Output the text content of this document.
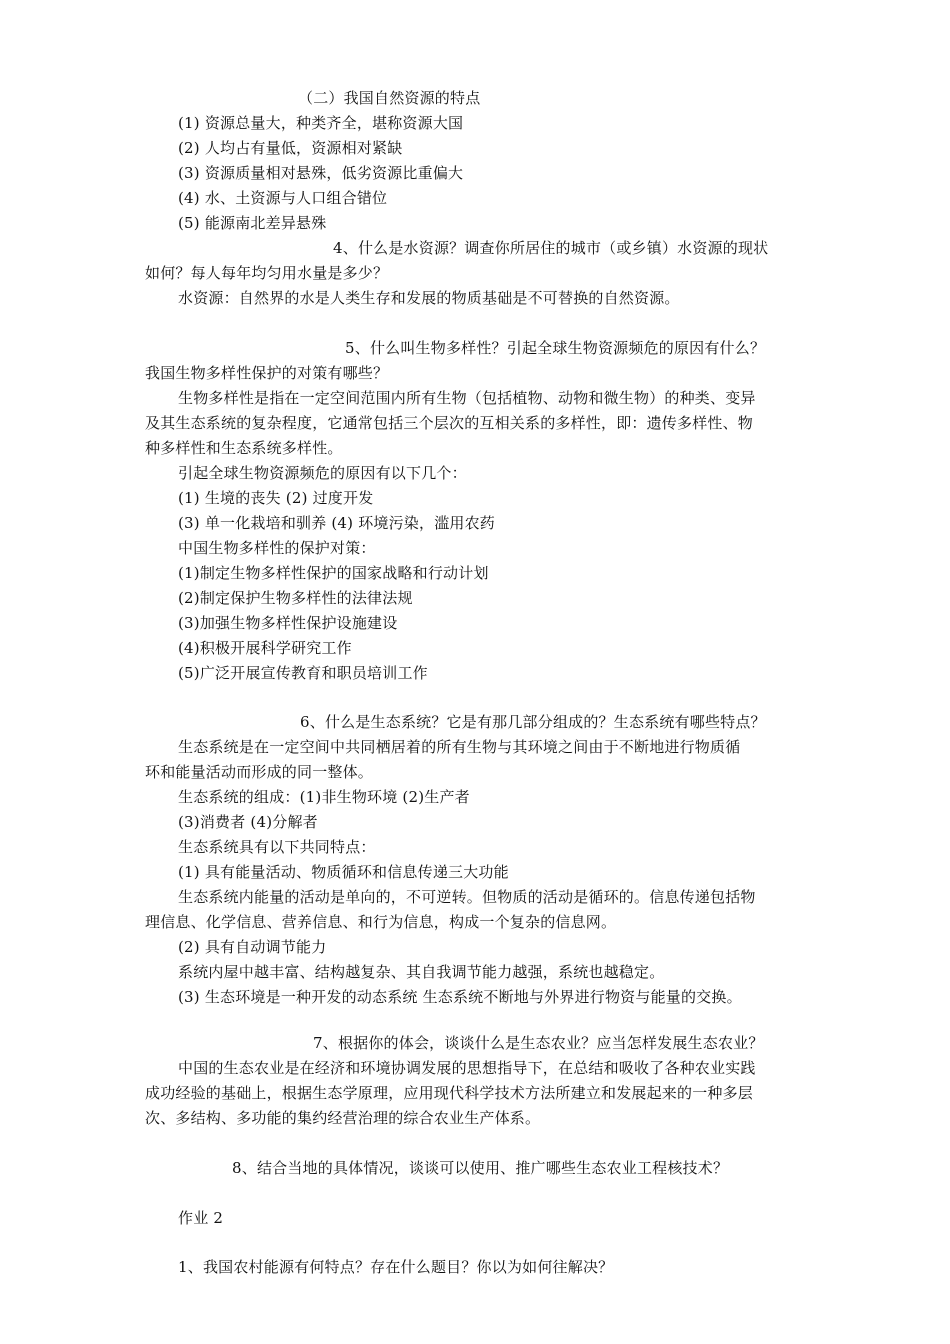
（二）我国自然资源的特点
(1) 资源总量大，种类齐全，堪称资源大国
(2) 人均占有量低，资源相对紧缺
(3) 资源质量相对悬殊，低劣资源比重偏大
(4) 水、土资源与人口组合错位
(5) 能源南北差异悬殊
4、什么是水资源？调查你所居住的城市（或乡镇）水资源的现状
如何？每人每年均匀用水量是多少？
水资源：自然界的水是人类生存和发展的物质基础是不可替换的自然资源。
5、什么叫生物多样性？引起全球生物资源频危的原因有什么？
我国生物多样性保护的对策有哪些？
生物多样性是指在一定空间范围内所有生物（包括植物、动物和微生物）的种类、变异
及其生态系统的复杂程度，它通常包括三个层次的互相关系的多样性，即：遗传多样性、物
种多样性和生态系统多样性。
引起全球生物资源频危的原因有以下几个：
(1) 生境的丧失 (2) 过度开发
(3) 单一化栽培和驯养 (4) 环境污染，滥用农药
中国生物多样性的保护对策：
(1)制定生物多样性保护的国家战略和行动计划
(2)制定保护生物多样性的法律法规
(3)加强生物多样性保护设施建设
(4)积极开展科学研究工作
(5)广泛开展宣传教育和职员培训工作
6、什么是生态系统？它是有那几部分组成的？生态系统有哪些特点？
生态系统是在一定空间中共同栖居着的所有生物与其环境之间由于不断地进行物质循
环和能量活动而形成的同一整体。
生态系统的组成：(1)非生物环境 (2)生产者
(3)消费者 (4)分解者
生态系统具有以下共同特点：
(1) 具有能量活动、物质循环和信息传递三大功能
生态系统内能量的活动是单向的，不可逆转。但物质的活动是循环的。信息传递包括物
理信息、化学信息、营养信息、和行为信息，构成一个复杂的信息网。
(2) 具有自动调节能力
系统内屋中越丰富、结构越复杂、其自我调节能力越强，系统也越稳定。
(3) 生态环境是一种开发的动态系统 生态系统不断地与外界进行物资与能量的交换。
7、根据你的体会，谈谈什么是生态农业？应当怎样发展生态农业？
中国的生态农业是在经济和环境协调发展的思想指导下，在总结和吸收了各种农业实践
成功经验的基础上，根据生态学原理，应用现代科学技术方法所建立和发展起来的一种多层
次、多结构、多功能的集约经营治理的综合农业生产体系。
8、结合当地的具体情况，谈谈可以使用、推广哪些生态农业工程核技术？
作业 2
1、我国农村能源有何特点？存在什么题目？你以为如何往解决？
